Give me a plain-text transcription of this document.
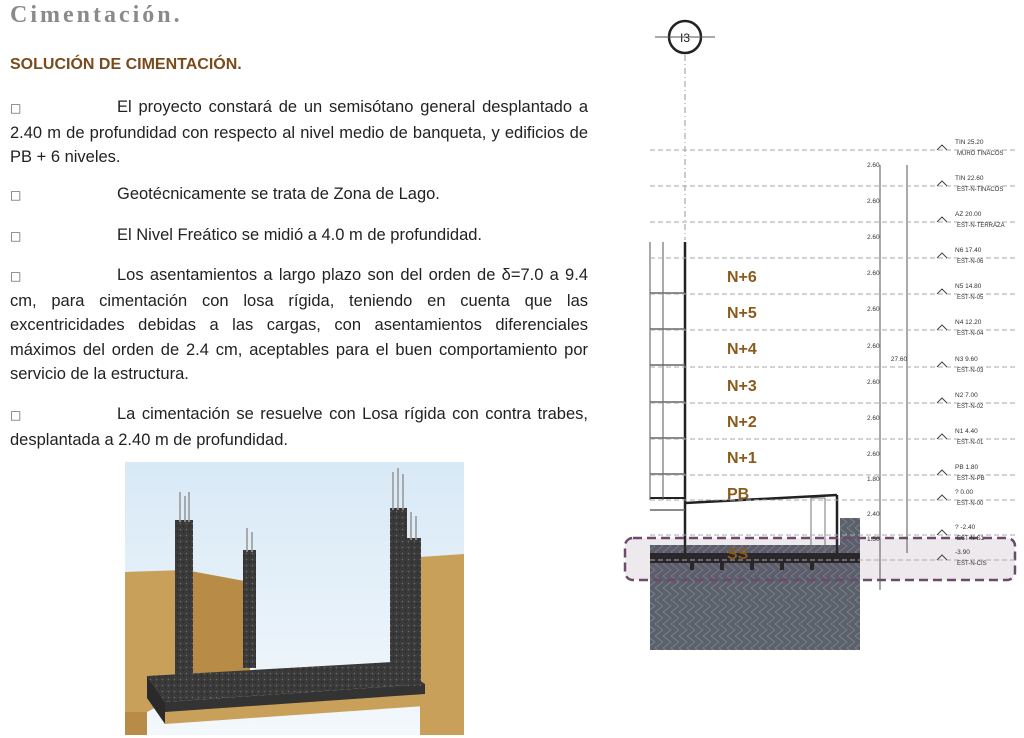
Cimentación.
SOLUCIÓN DE CIMENTACIÓN.
□	El proyecto constará de un semisótano general desplantado a 2.40 m de profundidad con respecto al nivel medio de banqueta, y edificios de PB + 6 niveles.
□	Geotécnicamente se trata de Zona de Lago.
□	El Nivel Freático se midió a 4.0 m de profundidad.
□	Los asentamientos a largo plazo son del orden de δ=7.0 a 9.4 cm, para cimentación con losa rígida, teniendo en cuenta que las excentricidades debidas a las cargas, con asentamientos diferenciales máximos del orden de 2.4 cm, aceptables para el buen comportamiento por servicio de la estructura.
□	La cimentación se resuelve con Losa rígida con contra trabes, desplantada a 2.40 m de profundidad.
I3
27.60
TIN 25.20
MURO TINACOS
TIN 22.60
EST-N-TINACOS
2.60
AZ 20.00
EST-N-TERRAZA
2.60
N6 17.40
EST-N-06
2.60
N+6
N5 14.80
EST-N-05
2.60
N+5
N4 12.20
EST-N-04
2.60
N+4
N3 9.60
EST-N-03
2.60
N+3
N2 7.00
EST-N-02
2.60
N+2
N1 4.40
EST-N-01
2.60
N+1
PB 1.80
EST-N-PB
2.60
PB	? 0.00
EST-N-00
1.80
? -2.40
EST-N-S1
2.40
SS	-3.90
EST-N-CIS
1.50
